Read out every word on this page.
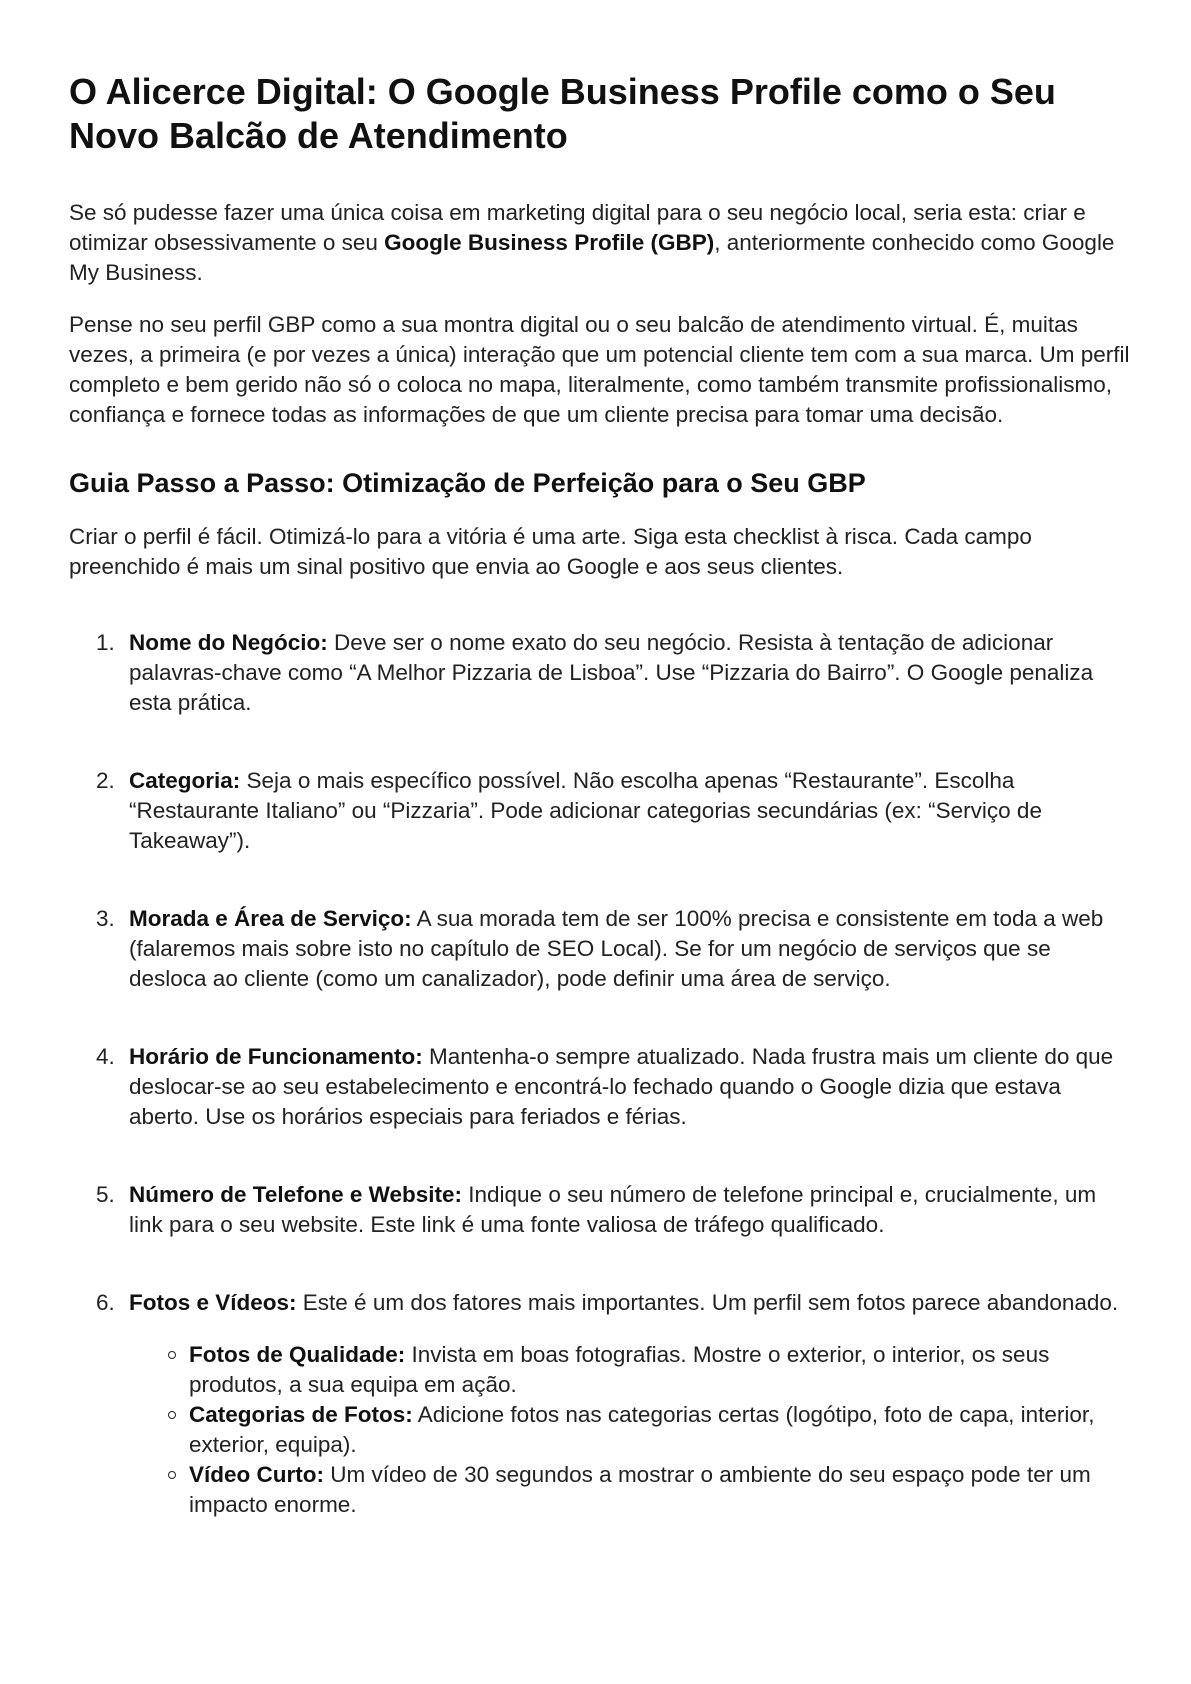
O Alicerce Digital: O Google Business Profile como o Seu Novo Balcão de Atendimento

Se só pudesse fazer uma única coisa em marketing digital para o seu negócio local, seria esta: criar e otimizar obsessivamente o seu Google Business Profile (GBP), anteriormente conhecido como Google My Business.

Pense no seu perfil GBP como a sua montra digital ou o seu balcão de atendimento virtual. É, muitas vezes, a primeira (e por vezes a única) interação que um potencial cliente tem com a sua marca. Um perfil completo e bem gerido não só o coloca no mapa, literalmente, como também transmite profissionalismo, confiança e fornece todas as informações de que um cliente precisa para tomar uma decisão.

Guia Passo a Passo: Otimização de Perfeição para o Seu GBP

Criar o perfil é fácil. Otimizá-lo para a vitória é uma arte. Siga esta checklist à risca. Cada campo preenchido é mais um sinal positivo que envia ao Google e aos seus clientes.

1. Nome do Negócio: Deve ser o nome exato do seu negócio. Resista à tentação de adicionar palavras-chave como “A Melhor Pizzaria de Lisboa”. Use “Pizzaria do Bairro”. O Google penaliza esta prática.
2. Categoria: Seja o mais específico possível. Não escolha apenas “Restaurante”. Escolha “Restaurante Italiano” ou “Pizzaria”. Pode adicionar categorias secundárias (ex: “Serviço de Takeaway”).
3. Morada e Área de Serviço: A sua morada tem de ser 100% precisa e consistente em toda a web (falaremos mais sobre isto no capítulo de SEO Local). Se for um negócio de serviços que se desloca ao cliente (como um canalizador), pode definir uma área de serviço.
4. Horário de Funcionamento: Mantenha-o sempre atualizado. Nada frustra mais um cliente do que deslocar-se ao seu estabelecimento e encontrá-lo fechado quando o Google dizia que estava aberto. Use os horários especiais para feriados e férias.
5. Número de Telefone e Website: Indique o seu número de telefone principal e, crucialmente, um link para o seu website. Este link é uma fonte valiosa de tráfego qualificado.
6. Fotos e Vídeos: Este é um dos fatores mais importantes. Um perfil sem fotos parece abandonado.
Fotos de Qualidade: Invista em boas fotografias. Mostre o exterior, o interior, os seus produtos, a sua equipa em ação.
Categorias de Fotos: Adicione fotos nas categorias certas (logótipo, foto de capa, interior, exterior, equipa).
Vídeo Curto: Um vídeo de 30 segundos a mostrar o ambiente do seu espaço pode ter um impacto enorme.
